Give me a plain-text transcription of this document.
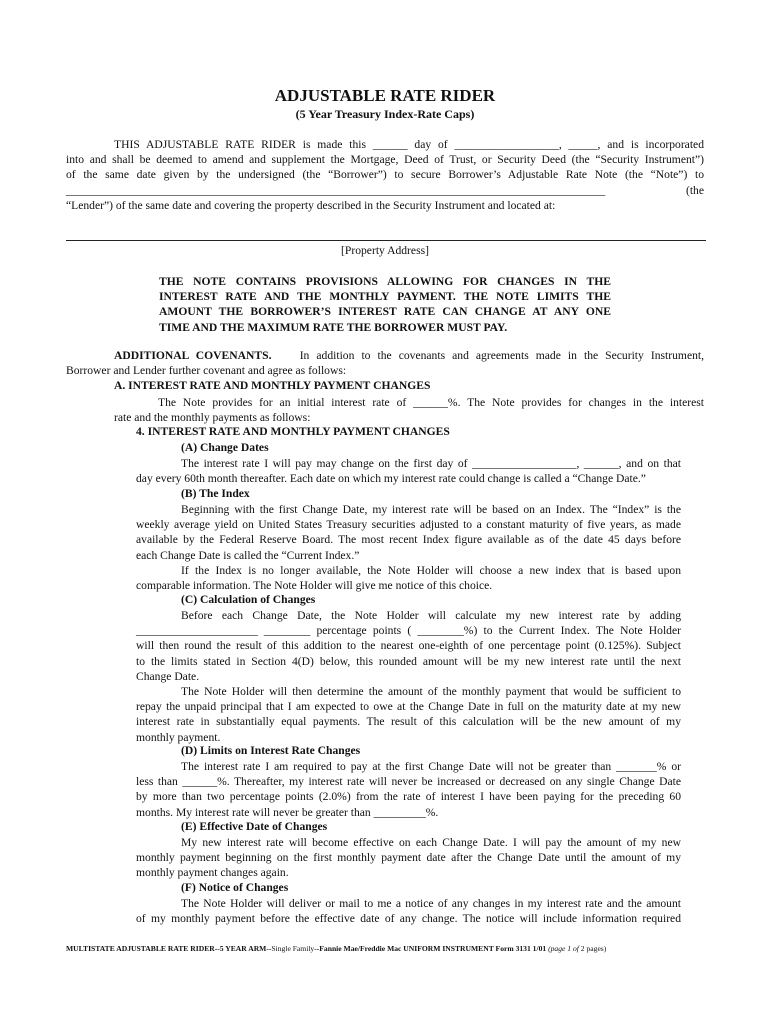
ADJUSTABLE RATE RIDER
(5 Year Treasury Index-Rate Caps)
THIS ADJUSTABLE RATE RIDER is made this ______ day of __________________, _____, and is incorporated
into and shall be deemed to amend and supplement the Mortgage, Deed of Trust, or Security Deed (the “Security Instrument”)
of the same date given by the undersigned (the “Borrower”) to secure Borrower’s Adjustable Rate Note (the “Note”) to
_____________________________________________________________________________________________ (the
“Lender”) of the same date and covering the property described in the Security Instrument and located at:
[Property Address]
THE NOTE CONTAINS PROVISIONS ALLOWING FOR CHANGES IN THE
INTEREST RATE AND THE MONTHLY PAYMENT. THE NOTE LIMITS THE
AMOUNT THE BORROWER’S INTEREST RATE CAN CHANGE AT ANY ONE
TIME AND THE MAXIMUM RATE THE BORROWER MUST PAY.
ADDITIONAL COVENANTS. In addition to the covenants and agreements made in the Security Instrument,
Borrower and Lender further covenant and agree as follows:
A. INTEREST RATE AND MONTHLY PAYMENT CHANGES
The Note provides for an initial interest rate of ______%. The Note provides for changes in the interest
rate and the monthly payments as follows:
4. INTEREST RATE AND MONTHLY PAYMENT CHANGES
(A) Change Dates
The interest rate I will pay may change on the first day of __________________, ______, and on that
day every 60th month thereafter. Each date on which my interest rate could change is called a “Change Date.”
(B) The Index
Beginning with the first Change Date, my interest rate will be based on an Index. The “Index” is the
weekly average yield on United States Treasury securities adjusted to a constant maturity of five years, as made
available by the Federal Reserve Board. The most recent Index figure available as of the date 45 days before
each Change Date is called the “Current Index.”
If the Index is no longer available, the Note Holder will choose a new index that is based upon
comparable information. The Note Holder will give me notice of this choice.
(C) Calculation of Changes
Before each Change Date, the Note Holder will calculate my new interest rate by adding
_____________________ ________ percentage points ( ________%) to the Current Index. The Note Holder
will then round the result of this addition to the nearest one-eighth of one percentage point (0.125%). Subject
to the limits stated in Section 4(D) below, this rounded amount will be my new interest rate until the next
Change Date.
The Note Holder will then determine the amount of the monthly payment that would be sufficient to
repay the unpaid principal that I am expected to owe at the Change Date in full on the maturity date at my new
interest rate in substantially equal payments. The result of this calculation will be the new amount of my
monthly payment.
(D) Limits on Interest Rate Changes
The interest rate I am required to pay at the first Change Date will not be greater than _______% or
less than ______%. Thereafter, my interest rate will never be increased or decreased on any single Change Date
by more than two percentage points (2.0%) from the rate of interest I have been paying for the preceding 60
months. My interest rate will never be greater than _________%.
(E) Effective Date of Changes
My new interest rate will become effective on each Change Date. I will pay the amount of my new
monthly payment beginning on the first monthly payment date after the Change Date until the amount of my
monthly payment changes again.
(F) Notice of Changes
The Note Holder will deliver or mail to me a notice of any changes in my interest rate and the amount
of my monthly payment before the effective date of any change. The notice will include information required
MULTISTATE ADJUSTABLE RATE RIDER--5 YEAR ARM--Single Family--Fannie Mae/Freddie Mac UNIFORM INSTRUMENT Form 3131 1/01 (page 1 of 2 pages)
